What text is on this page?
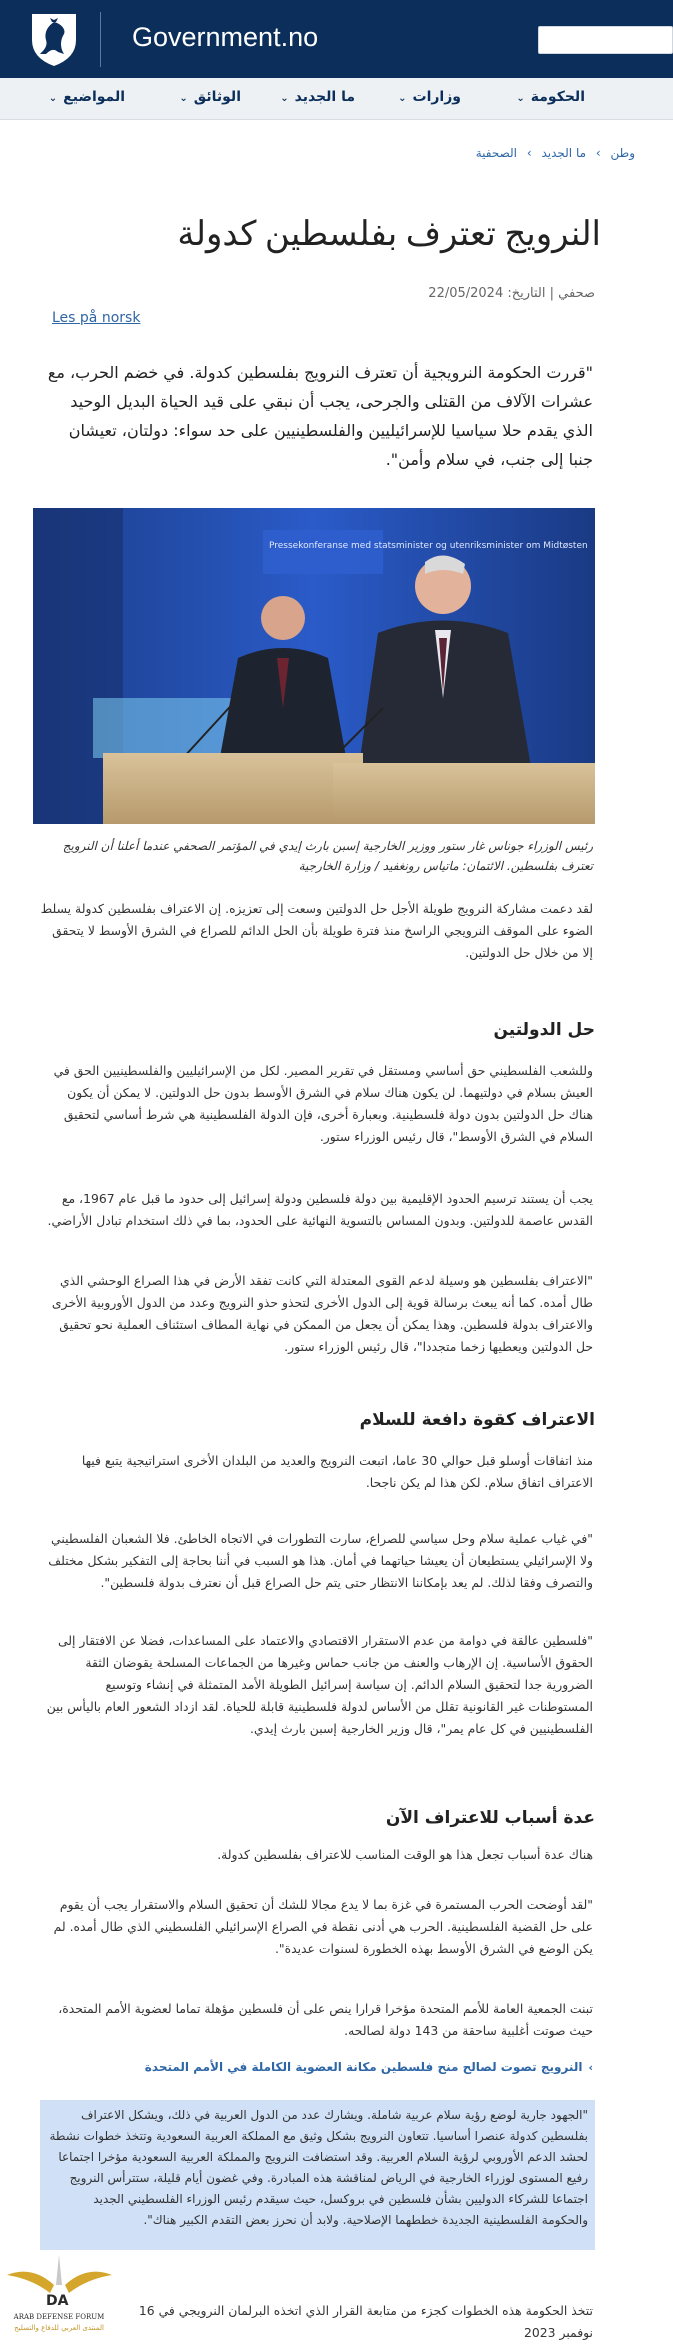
Government.no
الحكومة⌄
وزارات⌄
ما الجديد⌄
الوثائق⌄
المواضيع⌄
وطن › ما الجديد › الصحفية
النرويج تعترف بفلسطين كدولة
صحفي | التاريخ: 22/05/2024
Les på norsk
"قررت الحكومة النرويجية أن تعترف النرويج بفلسطين كدولة. في خضم الحرب، مع عشرات الآلاف من القتلى والجرحى، يجب أن نبقي على قيد الحياة البديل الوحيد الذي يقدم حلا سياسيا للإسرائيليين والفلسطينيين على حد سواء: دولتان، تعيشان جنبا إلى جنب، في سلام وأمن".
Pressekonferanse med statsminister og utenriksminister om Midtøsten
رئيس الوزراء جوناس غار ستور ووزير الخارجية إسبن بارث إيدي في المؤتمر الصحفي عندما أعلنا أن النرويج تعترف بفلسطين. الائتمان: ماتياس رونغفيد / وزارة الخارجية
لقد دعمت مشاركة النرويج طويلة الأجل حل الدولتين وسعت إلى تعزيزه. إن الاعتراف بفلسطين كدولة يسلط الضوء على الموقف النرويجي الراسخ منذ فترة طويلة بأن الحل الدائم للصراع في الشرق الأوسط لا يتحقق إلا من خلال حل الدولتين.
حل الدولتين
وللشعب الفلسطيني حق أساسي ومستقل في تقرير المصير. لكل من الإسرائيليين والفلسطينيين الحق في العيش بسلام في دولتيهما. لن يكون هناك سلام في الشرق الأوسط بدون حل الدولتين. لا يمكن أن يكون هناك حل الدولتين بدون دولة فلسطينية. وبعبارة أخرى، فإن الدولة الفلسطينية هي شرط أساسي لتحقيق السلام في الشرق الأوسط"، قال رئيس الوزراء ستور.
يجب أن يستند ترسيم الحدود الإقليمية بين دولة فلسطين ودولة إسرائيل إلى حدود ما قبل عام 1967، مع القدس عاصمة للدولتين. وبدون المساس بالتسوية النهائية على الحدود، بما في ذلك استخدام تبادل الأراضي.
"الاعتراف بفلسطين هو وسيلة لدعم القوى المعتدلة التي كانت تفقد الأرض في هذا الصراع الوحشي الذي طال أمده. كما أنه يبعث برسالة قوية إلى الدول الأخرى لتحذو حذو النرويج وعدد من الدول الأوروبية الأخرى والاعتراف بدولة فلسطين. وهذا يمكن أن يجعل من الممكن في نهاية المطاف استئناف العملية نحو تحقيق حل الدولتين ويعطيها زخما متجددا"، قال رئيس الوزراء ستور.
الاعتراف كقوة دافعة للسلام
منذ اتفاقات أوسلو قبل حوالي 30 عاما، اتبعت النرويج والعديد من البلدان الأخرى استراتيجية يتبع فيها الاعتراف اتفاق سلام. لكن هذا لم يكن ناجحا.
"في غياب عملية سلام وحل سياسي للصراع، سارت التطورات في الاتجاه الخاطئ. فلا الشعبان الفلسطيني ولا الإسرائيلي يستطيعان أن يعيشا حياتهما في أمان. هذا هو السبب في أننا بحاجة إلى التفكير بشكل مختلف والتصرف وفقا لذلك. لم يعد بإمكاننا الانتظار حتى يتم حل الصراع قبل أن نعترف بدولة فلسطين".
"فلسطين عالقة في دوامة من عدم الاستقرار الاقتصادي والاعتماد على المساعدات، فضلا عن الافتقار إلى الحقوق الأساسية. إن الإرهاب والعنف من جانب حماس وغيرها من الجماعات المسلحة يقوضان الثقة الضرورية جدا لتحقيق السلام الدائم. إن سياسة إسرائيل الطويلة الأمد المتمثلة في إنشاء وتوسيع المستوطنات غير القانونية تقلل من الأساس لدولة فلسطينية قابلة للحياة. لقد ازداد الشعور العام باليأس بين الفلسطينيين في كل عام يمر"، قال وزير الخارجية إسبن بارث إيدي.
عدة أسباب للاعتراف الآن
هناك عدة أسباب تجعل هذا هو الوقت المناسب للاعتراف بفلسطين كدولة.
"لقد أوضحت الحرب المستمرة في غزة بما لا يدع مجالا للشك أن تحقيق السلام والاستقرار يجب أن يقوم على حل القضية الفلسطينية. الحرب هي أدنى نقطة في الصراع الإسرائيلي الفلسطيني الذي طال أمده. لم يكن الوضع في الشرق الأوسط بهذه الخطورة لسنوات عديدة".
تبنت الجمعية العامة للأمم المتحدة مؤخرا قرارا ينص على أن فلسطين مؤهلة تماما لعضوية الأمم المتحدة، حيث صوتت أغلبية ساحقة من 143 دولة لصالحه.
›النرويج تصوت لصالح منح فلسطين مكانة العضوية الكاملة في الأمم المتحدة
"الجهود جارية لوضع رؤية سلام عربية شاملة. ويشارك عدد من الدول العربية في ذلك، ويشكل الاعتراف بفلسطين كدولة عنصرا أساسيا. تتعاون النرويج بشكل وثيق مع المملكة العربية السعودية وتتخذ خطوات نشطة لحشد الدعم الأوروبي لرؤية السلام العربية. وقد استضافت النرويج والمملكة العربية السعودية مؤخرا اجتماعا رفيع المستوى لوزراء الخارجية في الرياض لمناقشة هذه المبادرة. وفي غضون أيام قليلة، ستترأس النرويج اجتماعا للشركاء الدوليين بشأن فلسطين في بروكسل، حيث سيقدم رئيس الوزراء الفلسطيني الجديد والحكومة الفلسطينية الجديدة خططهما الإصلاحية. ولابد أن نحرز بعض التقدم الكبير هناك".
تتخذ الحكومة هذه الخطوات كجزء من متابعة القرار الذي اتخذه البرلمان النرويجي في 16 نوفمبر 2023
DA
ARAB DEFENSE FORUM
المنتدى العربي للدفاع والتسليح
